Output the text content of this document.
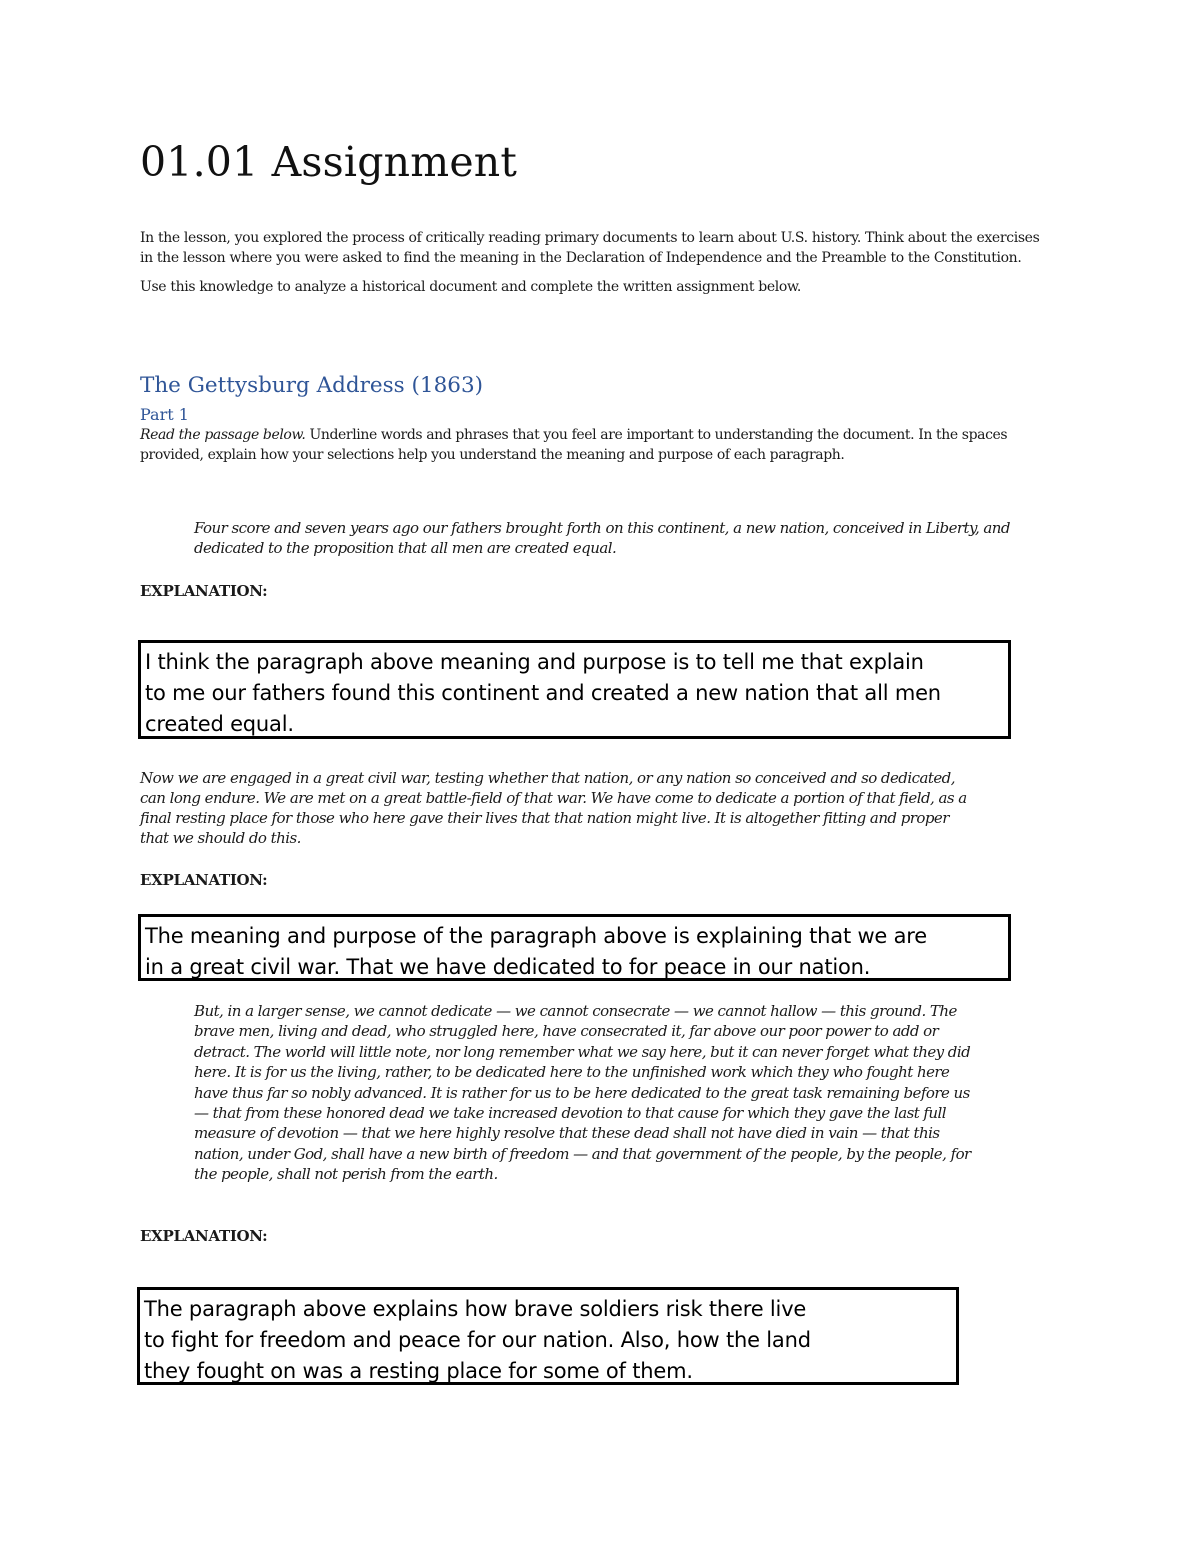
01.01 Assignment

In the lesson, you explored the process of critically reading primary documents to learn about U.S. history. Think about the exercises in the lesson where you were asked to find the meaning in the Declaration of Independence and the Preamble to the Constitution.

Use this knowledge to analyze a historical document and complete the written assignment below.

The Gettysburg Address (1863)
Part 1
Read the passage below. Underline words and phrases that you feel are important to understanding the document. In the spaces provided, explain how your selections help you understand the meaning and purpose of each paragraph.
Four score and seven years ago our fathers brought forth on this continent, a new nation, conceived in Liberty, and dedicated to the proposition that all men are created equal.
EXPLANATION:
I think the paragraph above meaning and purpose is to tell me that explain
to me our fathers found this continent and created a new nation that all men
created equal.
Now we are engaged in a great civil war, testing whether that nation, or any nation so conceived and so dedicated, can long endure. We are met on a great battle-field of that war. We have come to dedicate a portion of that field, as a final resting place for those who here gave their lives that that nation might live. It is altogether fitting and proper that we should do this.
EXPLANATION:
The meaning and purpose of the paragraph above is explaining that we are
in a great civil war. That we have dedicated to for peace in our nation.
But, in a larger sense, we cannot dedicate — we cannot consecrate — we cannot hallow — this ground. The brave men, living and dead, who struggled here, have consecrated it, far above our poor power to add or detract. The world will little note, nor long remember what we say here, but it can never forget what they did here. It is for us the living, rather, to be dedicated here to the unfinished work which they who fought here have thus far so nobly advanced. It is rather for us to be here dedicated to the great task remaining before us — that from these honored dead we take increased devotion to that cause for which they gave the last full measure of devotion — that we here highly resolve that these dead shall not have died in vain — that this nation, under God, shall have a new birth of freedom — and that government of the people, by the people, for the people, shall not perish from the earth.
EXPLANATION:
The paragraph above explains how brave soldiers risk there live
to fight for freedom and peace for our nation. Also, how the land
they fought on was a resting place for some of them.
